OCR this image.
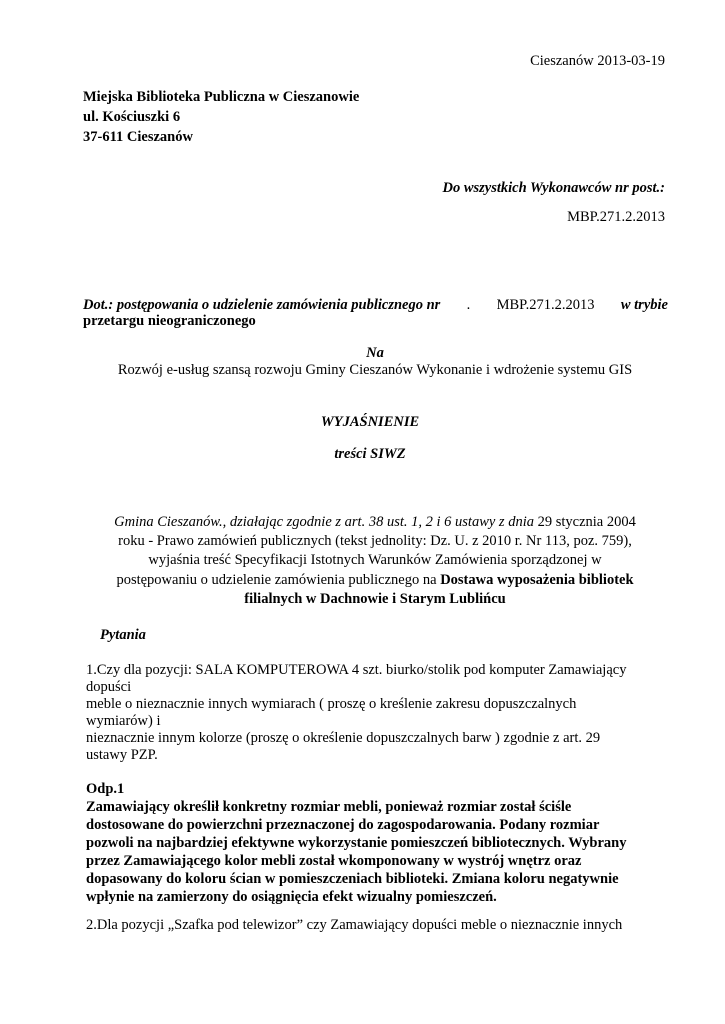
Cieszanów 2013-03-19
Miejska Biblioteka Publiczna w Cieszanowie
ul. Kościuszki 6
37-611 Cieszanów
Do wszystkich Wykonawców nr post.:
MBP.271.2.2013
Dot.: postępowania o udzielenie zamówienia publicznego nr . MBP.271.2.2013 w trybie
przetargu nieograniczonego
Na
Rozwój e-usług szansą rozwoju Gminy Cieszanów Wykonanie i wdrożenie systemu GIS
WYJAŚNIENIE
treści SIWZ
Gmina Cieszanów., działając zgodnie z art. 38 ust. 1, 2 i 6 ustawy z dnia 29 stycznia 2004
roku - Prawo zamówień publicznych (tekst jednolity: Dz. U. z 2010 r. Nr 113, poz. 759),
wyjaśnia treść Specyfikacji Istotnych Warunków Zamówienia sporządzonej w
postępowaniu o udzielenie zamówienia publicznego na Dostawa wyposażenia bibliotek
filialnych w Dachnowie i Starym Lublińcu
Pytania
1.Czy dla pozycji: SALA KOMPUTEROWA 4 szt. biurko/stolik pod komputer Zamawiający
dopuści
meble o nieznacznie innych wymiarach ( proszę o kreślenie zakresu dopuszczalnych
wymiarów) i
nieznacznie innym kolorze (proszę o określenie dopuszczalnych barw ) zgodnie z art. 29
ustawy PZP.
Odp.1
Zamawiający określił konkretny rozmiar mebli, ponieważ rozmiar został ściśle
dostosowane do powierzchni przeznaczonej do zagospodarowania. Podany rozmiar
pozwoli na najbardziej efektywne wykorzystanie pomieszczeń bibliotecznych. Wybrany
przez Zamawiającego kolor mebli został wkomponowany w wystrój wnętrz oraz
dopasowany do koloru ścian w pomieszczeniach biblioteki. Zmiana koloru negatywnie
wpłynie na zamierzony do osiągnięcia efekt wizualny pomieszczeń.
2.Dla pozycji „Szafka pod telewizor” czy Zamawiający dopuści meble o nieznacznie innych
